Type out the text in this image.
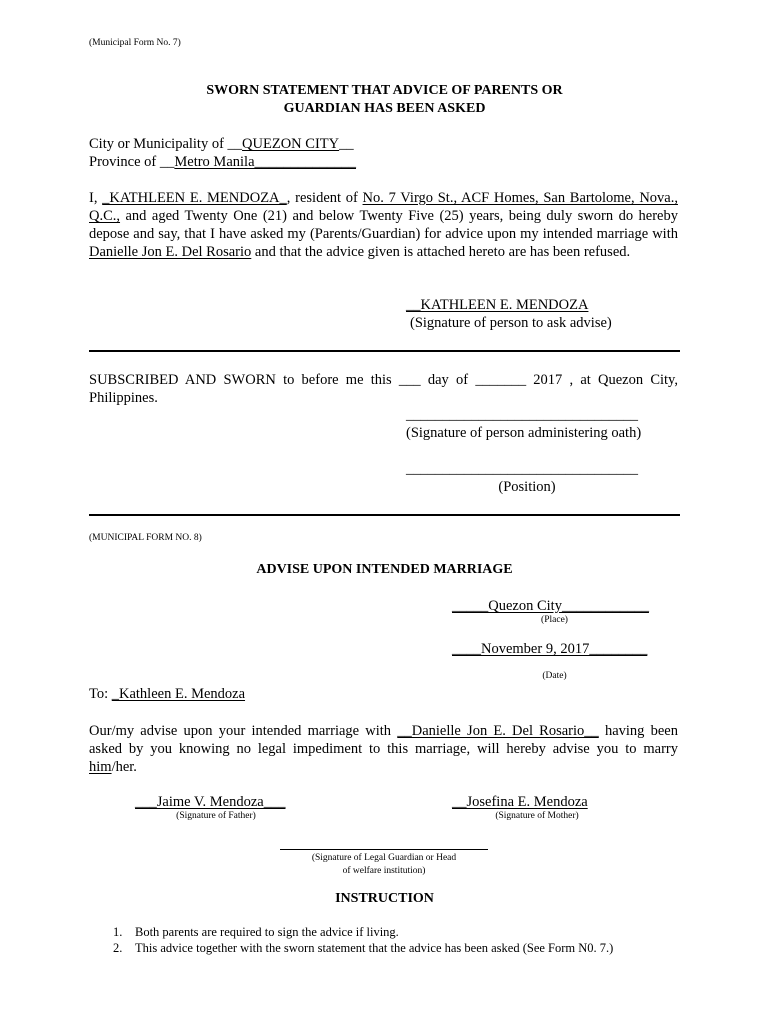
(Municipal Form No. 7)
SWORN STATEMENT THAT ADVICE OF PARENTS OR
GUARDIAN HAS BEEN ASKED
City or Municipality of __QUEZON CITY__
Province of __Metro Manila______________
I, _KATHLEEN E. MENDOZA_, resident of No. 7 Virgo St., ACF Homes, San Bartolome, Nova., Q.C., and aged Twenty One (21) and below Twenty Five (25) years, being duly sworn do hereby depose and say, that I have asked my (Parents/Guardian) for advice upon my intended marriage with Danielle Jon E. Del Rosario and that the advice given is attached hereto are has been refused.
__KATHLEEN E. MENDOZA
(Signature of person to ask advise)
SUBSCRIBED AND SWORN to before me this ___ day of _______ 2017 , at Quezon City, Philippines.
________________________________
(Signature of person administering oath)
________________________________
(Position)
(MUNICIPAL FORM NO. 8)
ADVISE UPON INTENDED MARRIAGE
_____Quezon City____________
(Place)
____November 9, 2017________
(Date)
To: _Kathleen E. Mendoza
Our/my advise upon your intended marriage with __Danielle Jon E. Del Rosario__ having been asked by you knowing no legal impediment to this marriage, will hereby advise you to marry him/her.
___Jaime V. Mendoza___
(Signature of Father)
__Josefina E. Mendoza
(Signature of Mother)
(Signature of Legal Guardian or Head
of welfare institution)
INSTRUCTION
1. Both parents are required to sign the advice if living.
2. This advice together with the sworn statement that the advice has been asked (See Form N0. 7.)
